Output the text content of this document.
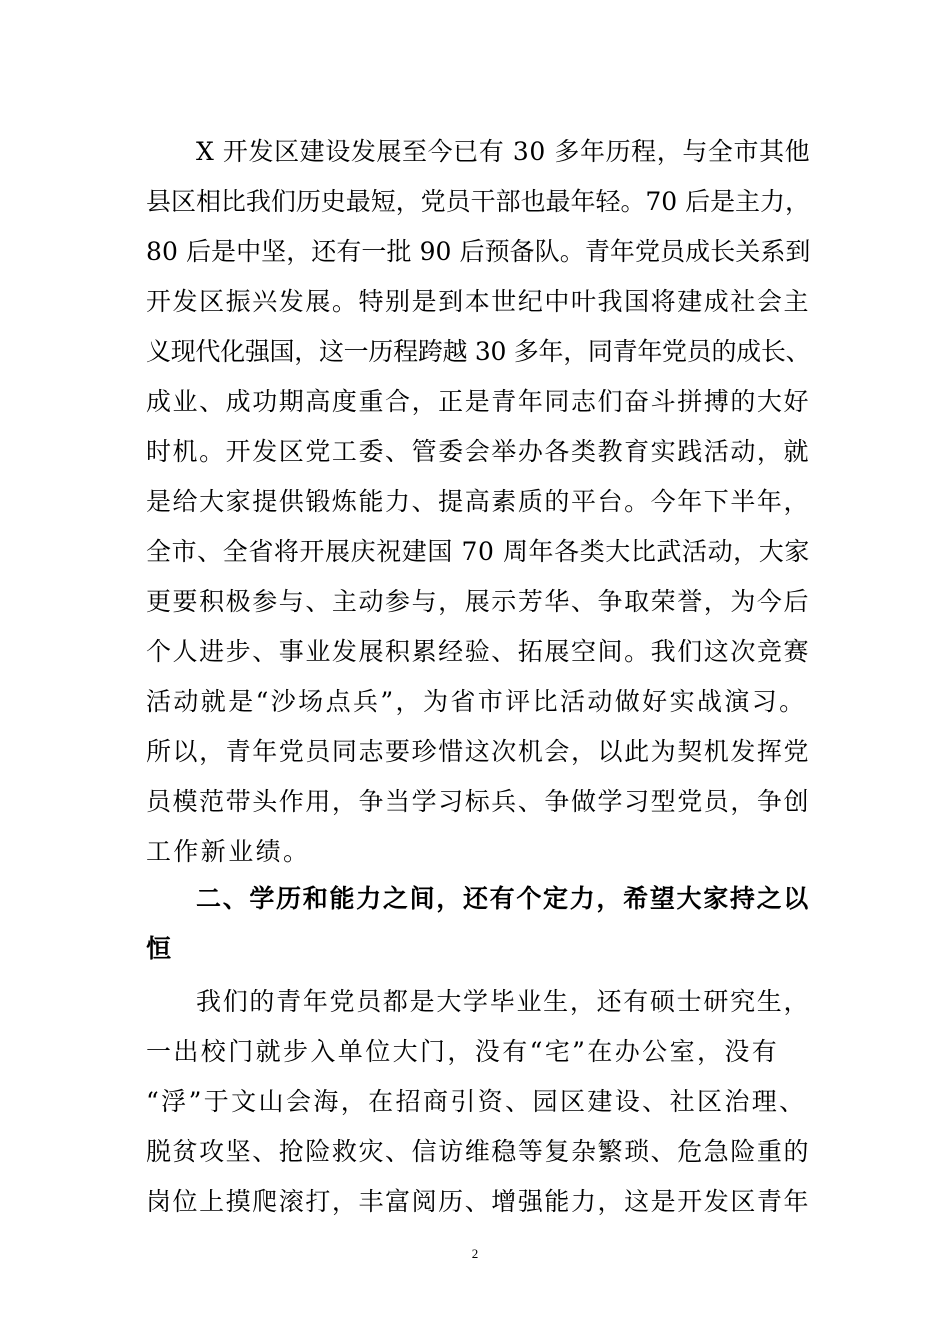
X 开发区建设发展至今已有 30 多年历程，与全市其他
县区相比我们历史最短，党员干部也最年轻。70 后是主力，
80 后是中坚，还有一批 90 后预备队。青年党员成长关系到
开发区振兴发展。特别是到本世纪中叶我国将建成社会主
义现代化强国，这一历程跨越 30 多年，同青年党员的成长、
成业、成功期高度重合，正是青年同志们奋斗拼搏的大好
时机。开发区党工委、管委会举办各类教育实践活动，就
是给大家提供锻炼能力、提高素质的平台。今年下半年，
全市、全省将开展庆祝建国 70 周年各类大比武活动，大家
更要积极参与、主动参与，展示芳华、争取荣誉，为今后
个人进步、事业发展积累经验、拓展空间。我们这次竞赛
活动就是“沙场点兵”，为省市评比活动做好实战演习。
所以，青年党员同志要珍惜这次机会，以此为契机发挥党
员模范带头作用，争当学习标兵、争做学习型党员，争创
工作新业绩。
二、学历和能力之间，还有个定力，希望大家持之以
恒
我们的青年党员都是大学毕业生，还有硕士研究生，
一出校门就步入单位大门，没有“宅”在办公室，没有
“浮”于文山会海，在招商引资、园区建设、社区治理、
脱贫攻坚、抢险救灾、信访维稳等复杂繁琐、危急险重的
岗位上摸爬滚打，丰富阅历、增强能力，这是开发区青年
2
